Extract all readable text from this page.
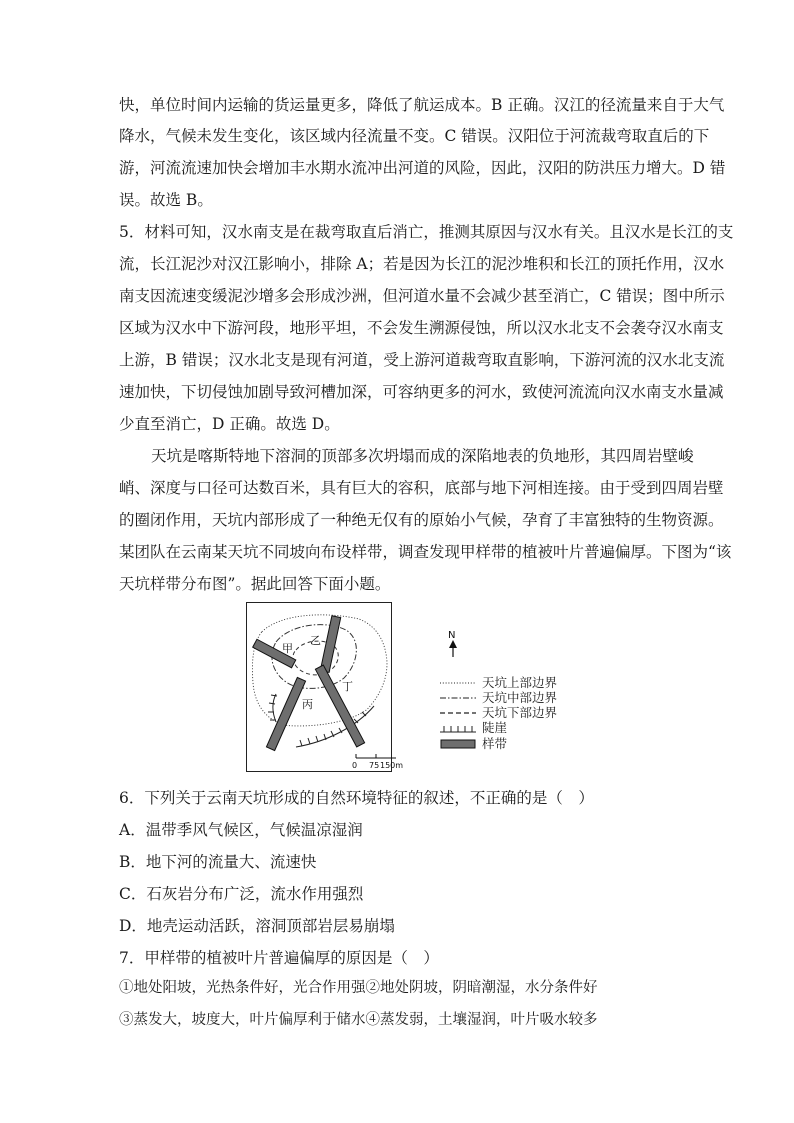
快，单位时间内运输的货运量更多，降低了航运成本。B 正确。汉江的径流量来自于大气
降水，气候未发生变化，该区域内径流量不变。C 错误。汉阳位于河流裁弯取直后的下
游，河流流速加快会增加丰水期水流冲出河道的风险，因此，汉阳的防洪压力增大。D 错
误。故选 B。
5．材料可知，汉水南支是在裁弯取直后消亡，推测其原因与汉水有关。且汉水是长江的支
流，长江泥沙对汉江影响小，排除 A；若是因为长江的泥沙堆积和长江的顶托作用，汉水
南支因流速变缓泥沙增多会形成沙洲，但河道水量不会减少甚至消亡，C 错误；图中所示
区域为汉水中下游河段，地形平坦，不会发生溯源侵蚀，所以汉水北支不会袭夺汉水南支
上游，B 错误；汉水北支是现有河道，受上游河道裁弯取直影响，下游河流的汉水北支流
速加快，下切侵蚀加剧导致河槽加深，可容纳更多的河水，致使河流流向汉水南支水量减
少直至消亡，D 正确。故选 D。
天坑是喀斯特地下溶洞的顶部多次坍塌而成的深陷地表的负地形，其四周岩壁峻
峭、深度与口径可达数百米，具有巨大的容积，底部与地下河相连接。由于受到四周岩壁
的圈闭作用，天坑内部形成了一种绝无仅有的原始小气候，孕育了丰富独特的生物资源。
某团队在云南某天坑不同坡向布设样带，调查发现甲样带的植被叶片普遍偏厚。下图为“该
天坑样带分布图”。据此回答下面小题。
甲
乙
丙
丁
0 75 150m
N
天坑上部边界
天坑中部边界
天坑下部边界
陡崖
样带
6．下列关于云南天坑形成的自然环境特征的叙述，不正确的是（　）
A．温带季风气候区，气候温凉湿润
B．地下河的流量大、流速快
C．石灰岩分布广泛，流水作用强烈
D．地壳运动活跃，溶洞顶部岩层易崩塌
7．甲样带的植被叶片普遍偏厚的原因是（　）
①地处阳坡，光热条件好，光合作用强②地处阴坡，阴暗潮湿，水分条件好
③蒸发大，坡度大，叶片偏厚利于储水④蒸发弱，土壤湿润，叶片吸水较多
